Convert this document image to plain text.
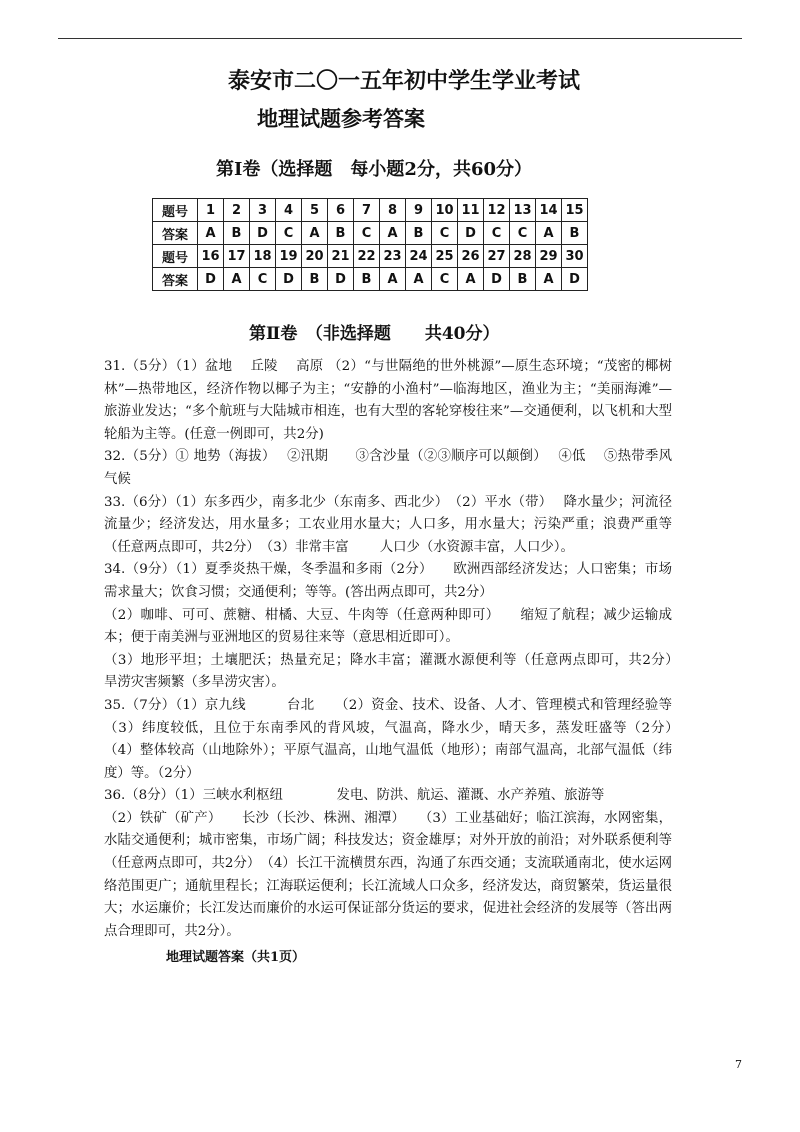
泰安市二〇一五年初中学生学业考试
地理试题参考答案
第Ⅰ卷（选择题　每小题2分，共60分）
题号	1	2	3	4	5	6	7	8	9	10	11	12	13	14	15
答案	A	B	D	C	A	B	C	A	B	C	D	C	C	A	B
题号	16	17	18	19	20	21	22	23	24	25	26	27	28	29	30
答案	D	A	C	D	B	D	B	A	A	C	A	D	B	A	D
第Ⅱ卷　（非选择题　　共40分）

31.（5分）（1）盆地　 丘陵　 高原 （2）“与世隔绝的世外桃源”—原生态环境；“茂密的椰树林”—热带地区，经济作物以椰子为主；“安静的小渔村”—临海地区，渔业为主；“美丽海滩”—旅游业发达；“多个航班与大陆城市相连，也有大型的客轮穿梭往来”—交通便利，以飞机和大型轮船为主等。(任意一例即可，共2分)

32.（5分）① 地势（海拔）　 ②汛期　　③含沙量（②③顺序可以颠倒）　 ④低　 ⑤热带季风气候

33.（6分）（1）东多西少，南多北少（东南多、西北少）　（2）平水（带）　 降水量少；河流径流量少；经济发达，用水量多；工农业用水量大；人口多，用水量大；污染严重；浪费严重等（任意两点即可，共2分）　（3）非常丰富　　 人口少（水资源丰富，人口少）。

34.（9分）（1）夏季炎热干燥，冬季温和多雨（2分）　　欧洲西部经济发达；人口密集；市场需求量大；饮食习惯；交通便利；等等。(答出两点即可，共2分）

（2）咖啡、可可、蔗糖、柑橘、大豆、牛肉等（任意两种即可）　　缩短了航程；减少运输成本；便于南美洲与亚洲地区的贸易往来等（意思相近即可）。

（3）地形平坦；土壤肥沃；热量充足；降水丰富；灌溉水源便利等（任意两点即可，共2分）　旱涝灾害频繁（多旱涝灾害）。

35.（7分）（1）京九线　　　台北　　（2）资金、技术、设备、人才、管理模式和管理经验等　　（3）纬度较低，且位于东南季风的背风坡，气温高，降水少，晴天多，蒸发旺盛等（2分）　　（4）整体较高（山地除外）；平原气温高，山地气温低（地形）；南部气温高，北部气温低（纬度）等。（2分）

36.（8分）（1）三峡水利枢纽　　　　发电、防洪、航运、灌溉、水产养殖、旅游等

（2）铁矿（矿产）　　长沙（长沙、株洲、湘潭）　　（3）工业基础好；临江滨海，水网密集，水陆交通便利；城市密集，市场广阔；科技发达；资金雄厚；对外开放的前沿；对外联系便利等（任意两点即可，共2分）　（4）长江干流横贯东西，沟通了东西交通；支流联通南北，使水运网络范围更广；通航里程长；江海联运便利；长江流域人口众多，经济发达，商贸繁荣，货运量很大；水运廉价；长江发达而廉价的水运可保证部分货运的要求，促进社会经济的发展等（答出两点合理即可，共2分）。

地理试题答案（共1页）
7
